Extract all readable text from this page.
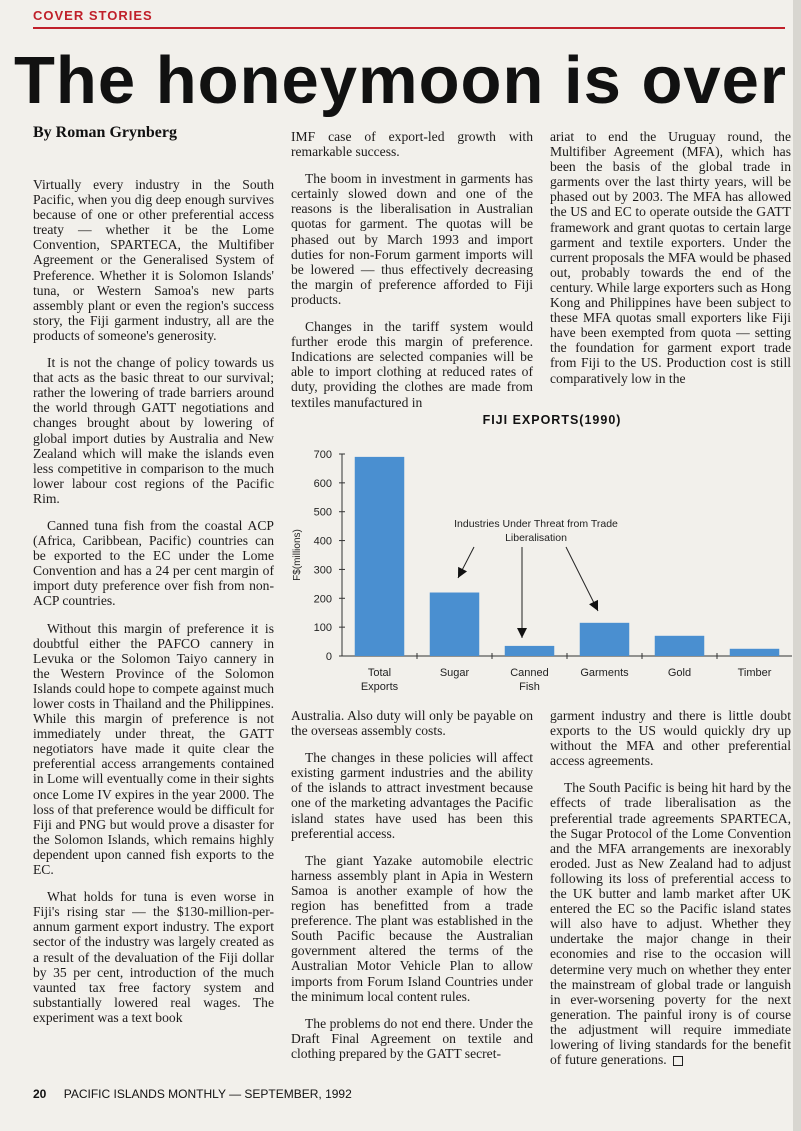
COVER STORIES
The honeymoon is over
By Roman Grynberg

Virtually every industry in the South Pacific, when you dig deep enough survives because of one or other preferential access treaty — whether it be the Lome Convention, SPARTECA, the Multifiber Agreement or the Generalised System of Preference. Whether it is Solomon Islands' tuna, or Western Samoa's new parts assembly plant or even the region's success story, the Fiji garment industry, all are the products of someone's generosity.

It is not the change of policy towards us that acts as the basic threat to our survival; rather the lowering of trade barriers around the world through GATT negotiations and changes brought about by lowering of global import duties by Australia and New Zealand which will make the islands even less competitive in comparison to the much lower labour cost regions of the Pacific Rim.

Canned tuna fish from the coastal ACP (Africa, Caribbean, Pacific) countries can be exported to the EC under the Lome Convention and has a 24 per cent margin of import duty preference over fish from non-ACP countries.

Without this margin of preference it is doubtful either the PAFCO cannery in Levuka or the Solomon Taiyo cannery in the Western Province of the Solomon Islands could hope to compete against much lower costs in Thailand and the Philippines. While this margin of preference is not immediately under threat, the GATT negotiators have made it quite clear the preferential access arrangements contained in Lome will eventually come in their sights once Lome IV expires in the year 2000. The loss of that preference would be difficult for Fiji and PNG but would prove a disaster for the Solomon Islands, which remains highly dependent upon canned fish exports to the EC.

What holds for tuna is even worse in Fiji's rising star — the $130-million-per-annum garment export industry. The export sector of the industry was largely created as a result of the devaluation of the Fiji dollar by 35 per cent, introduction of the much vaunted tax free factory system and substantially lowered real wages. The experiment was a text book

IMF case of export-led growth with remarkable success.

The boom in investment in garments has certainly slowed down and one of the reasons is the liberalisation in Australian quotas for garment. The quotas will be phased out by March 1993 and import duties for non-Forum garment imports will be lowered — thus effectively decreasing the margin of preference afforded to Fiji products.

Changes in the tariff system would further erode this margin of preference. Indications are selected companies will be able to import clothing at reduced rates of duty, providing the clothes are made from textiles manufactured in

ariat to end the Uruguay round, the Multifiber Agreement (MFA), which has been the basis of the global trade in garments over the last thirty years, will be phased out by 2003. The MFA has allowed the US and EC to operate outside the GATT framework and grant quotas to certain large garment and textile exporters. Under the current proposals the MFA would be phased out, probably towards the end of the century. While large exporters such as Hong Kong and Philippines have been subject to these MFA quotas small exporters like Fiji have been exempted from quota — setting the foundation for garment export trade from Fiji to the US. Production cost is still comparatively low in the

FIJI EXPORTS(1990)
0
100
200
300
400
500
600
700
F$(millions)
Total
Exports
Sugar	Canned
Fish
Garments	Gold	Timber
Industries Under Threat from Trade
Liberalisation

Australia. Also duty will only be payable on the overseas assembly costs.

The changes in these policies will affect existing garment industries and the ability of the islands to attract investment because one of the marketing advantages the Pacific island states have used has been this preferential access.

The giant Yazake automobile electric harness assembly plant in Apia in Western Samoa is another example of how the region has benefitted from a trade preference. The plant was established in the South Pacific because the Australian government altered the terms of the Australian Motor Vehicle Plan to allow imports from Forum Island Countries under the minimum local content rules.

The problems do not end there. Under the Draft Final Agreement on textile and clothing prepared by the GATT secret-

garment industry and there is little doubt exports to the US would quickly dry up without the MFA and other preferential access agreements.

The South Pacific is being hit hard by the effects of trade liberalisation as the preferential trade agreements SPARTECA, the Sugar Protocol of the Lome Convention and the MFA arrangements are inexorably eroded. Just as New Zealand had to adjust following its loss of preferential access to the UK butter and lamb market after UK entered the EC so the Pacific island states will also have to adjust. Whether they undertake the major change in their economies and rise to the occasion will determine very much on whether they enter the mainstream of global trade or languish in ever-worsening poverty for the next generation. The painful irony is of course the adjustment will require immediate lowering of living standards for the benefit of future generations.

20 PACIFIC ISLANDS MONTHLY — SEPTEMBER, 1992
